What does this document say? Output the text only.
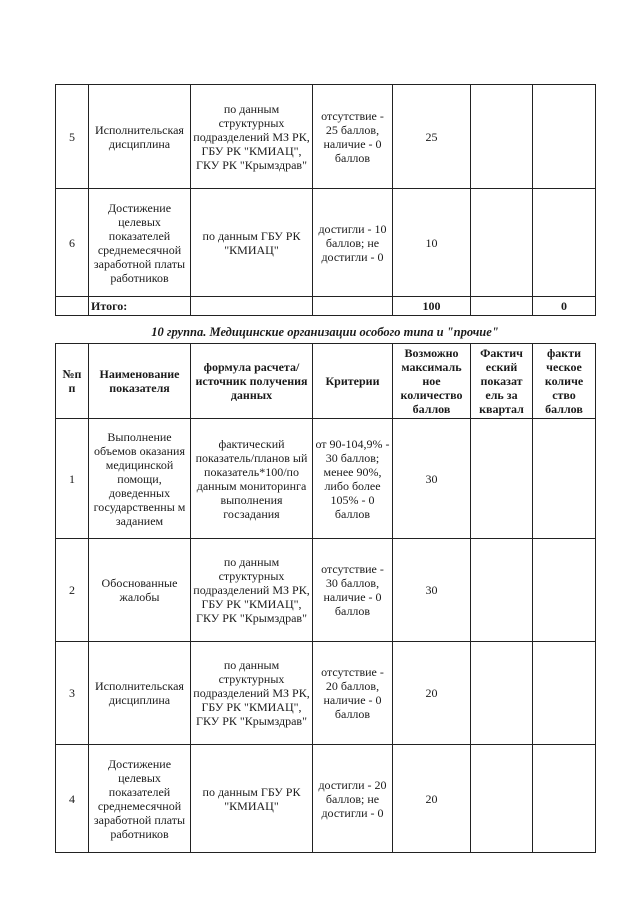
5	Исполнительская дисциплина	по данным структурных подразделений МЗ РК, ГБУ РК "КМИАЦ", ГКУ РК "Крымздрав"	отсутствие - 25 баллов, наличие - 0 баллов	25		
6	Достижение целевых показателей среднемесячной заработной платы работников	по данным ГБУ РК "КМИАЦ"	достигли - 10 баллов; не достигли - 0	10		
	Итого:			100		0
10 группа. Медицинские организации особого типа и "прочие"
№п п	Наименование показателя	формула расчета/источник получения данных	Критерии	Возможно максималь ное количество баллов	Фактич еский показат ель за квартал	факти ческое количе ство баллов
1	Выполнение объемов оказания медицинской помощи, доведенных государственны м заданием	фактический показатель/планов ый показатель*100/по данным мониторинга выполнения госзадания	от 90-104,9% - 30 баллов; менее 90%, либо более 105% - 0 баллов	30		
2	Обоснованные жалобы	по данным структурных подразделений МЗ РК, ГБУ РК "КМИАЦ", ГКУ РК "Крымздрав"	отсутствие - 30 баллов, наличие - 0 баллов	30		
3	Исполнительская дисциплина	по данным структурных подразделений МЗ РК, ГБУ РК "КМИАЦ", ГКУ РК "Крымздрав"	отсутствие - 20 баллов, наличие - 0 баллов	20		
4	Достижение целевых показателей среднемесячной заработной платы работников	по данным ГБУ РК "КМИАЦ"	достигли - 20 баллов; не достигли - 0	20		
